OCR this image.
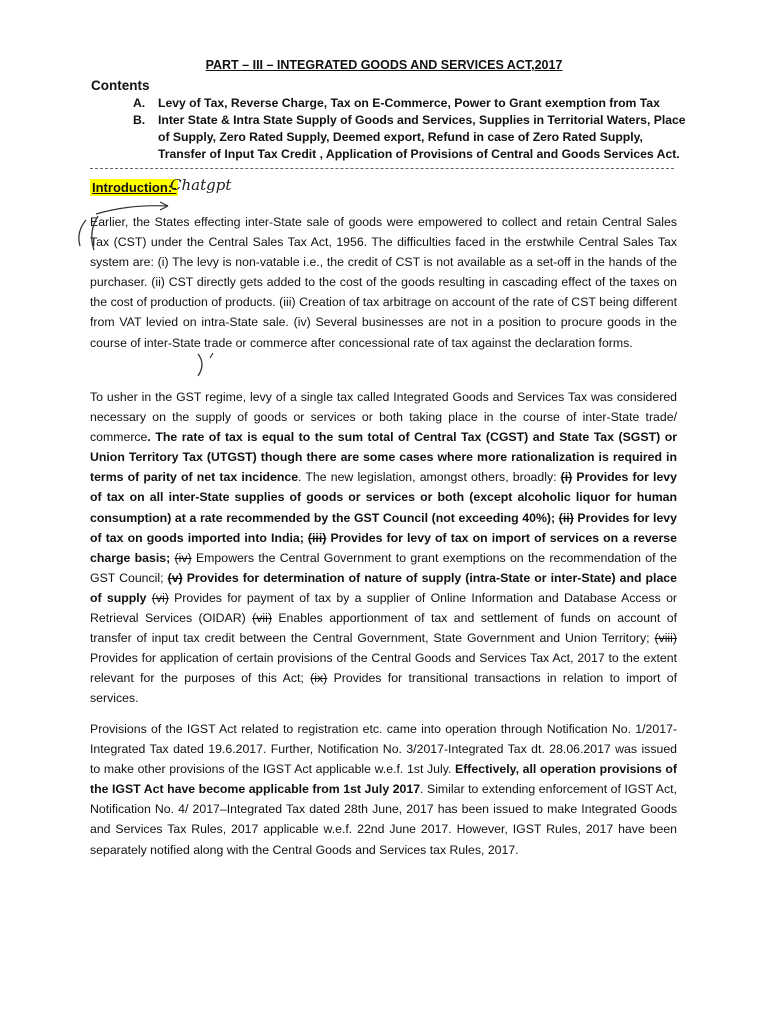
PART – III – INTEGRATED GOODS AND SERVICES ACT,2017
Contents
A. Levy of Tax, Reverse Charge, Tax on E-Commerce, Power to Grant exemption from Tax
B. Inter State & Intra State Supply of Goods and Services, Supplies in Territorial Waters, Place of Supply, Zero Rated Supply, Deemed export, Refund in case of Zero Rated Supply, Transfer of Input Tax Credit , Application of Provisions of Central and Goods Services Act.
Introduction:-
Chatgpt

Earlier, the States effecting inter-State sale of goods were empowered to collect and retain Central Sales Tax (CST) under the Central Sales Tax Act, 1956. The difficulties faced in the erstwhile Central Sales Tax system are: (i) The levy is non-vatable i.e., the credit of CST is not available as a set-off in the hands of the purchaser. (ii) CST directly gets added to the cost of the goods resulting in cascading effect of the taxes on the cost of production of products. (iii) Creation of tax arbitrage on account of the rate of CST being different from VAT levied on intra-State sale. (iv) Several businesses are not in a position to procure goods in the course of inter-State trade or commerce after concessional rate of tax against the declaration forms.

To usher in the GST regime, levy of a single tax called Integrated Goods and Services Tax was considered necessary on the supply of goods or services or both taking place in the course of inter-State trade/ commerce. The rate of tax is equal to the sum total of Central Tax (CGST) and State Tax (SGST) or Union Territory Tax (UTGST) though there are some cases where more rationalization is required in terms of parity of net tax incidence. The new legislation, amongst others, broadly: (i) Provides for levy of tax on all inter-State supplies of goods or services or both (except alcoholic liquor for human consumption) at a rate recommended by the GST Council (not exceeding 40%); (ii) Provides for levy of tax on goods imported into India; (iii) Provides for levy of tax on import of services on a reverse charge basis; (iv) Empowers the Central Government to grant exemptions on the recommendation of the GST Council; (v) Provides for determination of nature of supply (intra-State or inter-State) and place of supply (vi) Provides for payment of tax by a supplier of Online Information and Database Access or Retrieval Services (OIDAR) (vii) Enables apportionment of tax and settlement of funds on account of transfer of input tax credit between the Central Government, State Government and Union Territory; (viii) Provides for application of certain provisions of the Central Goods and Services Tax Act, 2017 to the extent relevant for the purposes of this Act; (ix) Provides for transitional transactions in relation to import of services.

Provisions of the IGST Act related to registration etc. came into operation through Notification No. 1/2017- Integrated Tax dated 19.6.2017. Further, Notification No. 3/2017-Integrated Tax dt. 28.06.2017 was issued to make other provisions of the IGST Act applicable w.e.f. 1st July. Effectively, all operation provisions of the IGST Act have become applicable from 1st July 2017. Similar to extending enforcement of IGST Act, Notification No. 4/ 2017–Integrated Tax dated 28th June, 2017 has been issued to make Integrated Goods and Services Tax Rules, 2017 applicable w.e.f. 22nd June 2017. However, IGST Rules, 2017 have been separately notified along with the Central Goods and Services tax Rules, 2017.
